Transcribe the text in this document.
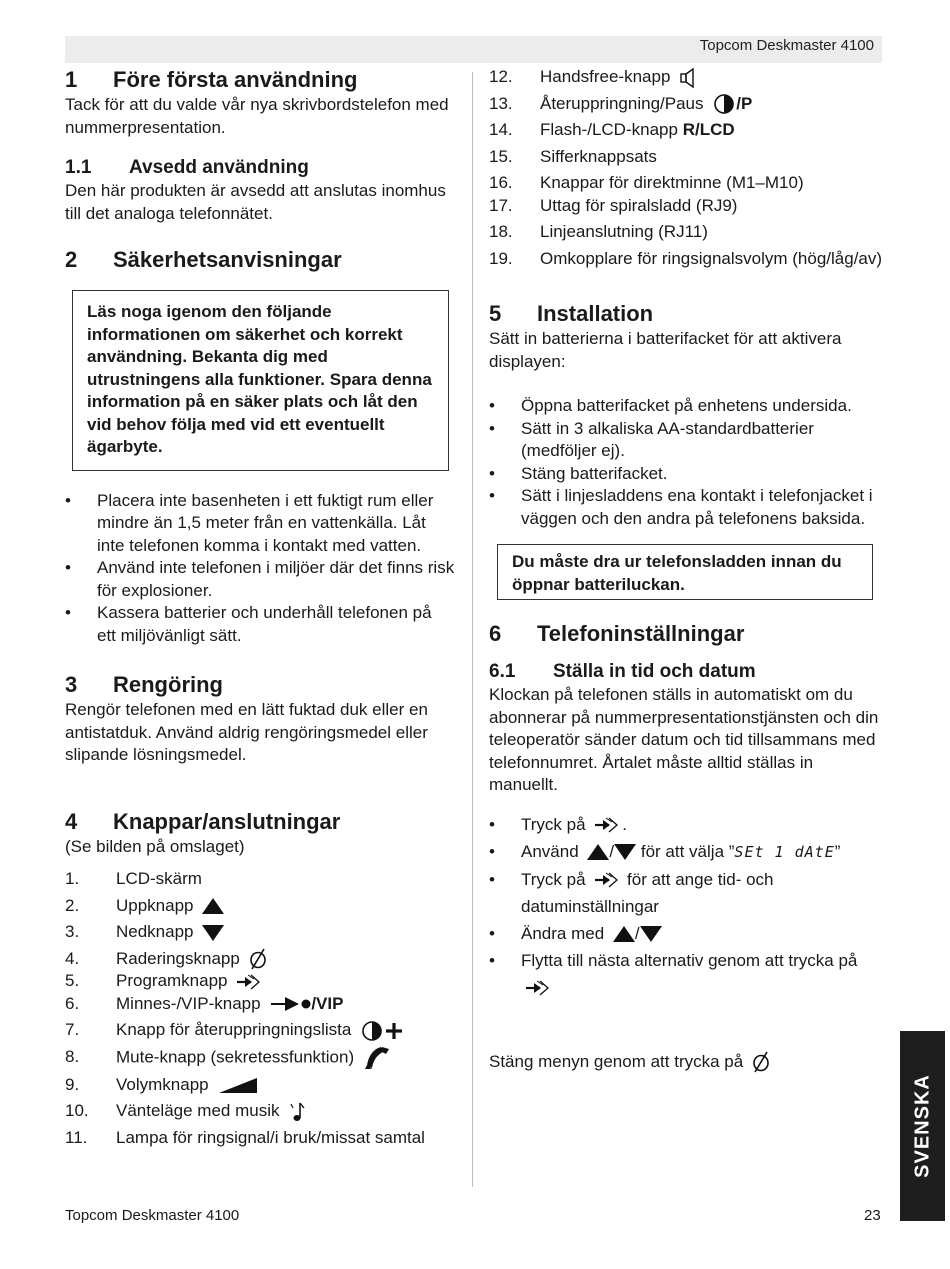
Topcom Deskmaster 4100
1 Före första användning

Tack för att du valde vår nya skrivbordstelefon med nummerpresentation.

1.1 Avsedd användning

Den här produkten är avsedd att anslutas inomhus till det analoga telefonnätet.

2 Säkerhetsanvisningar
Läs noga igenom den följande informationen om säkerhet och korrekt användning. Bekanta dig med utrustningens alla funktioner. Spara denna information på en säker plats och låt den vid behov följa med vid ett eventuellt ägarbyte.
• Placera inte basenheten i ett fuktigt rum eller mindre än 1,5 meter från en vattenkälla. Låt inte telefonen komma i kontakt med vatten.
• Använd inte telefonen i miljöer där det finns risk för explosioner.
• Kassera batterier och underhåll telefonen på ett miljövänligt sätt.
3 Rengöring

Rengör telefonen med en lätt fuktad duk eller en antistatduk. Använd aldrig rengöringsmedel eller slipande lösningsmedel.

4 Knappar/anslutningar

(Se bilden på omslaget)

1. LCD-skärm
2. Uppknapp
3. Nedknapp
4. Raderingsknapp
5. Programknapp
6. Minnes-/VIP-knapp	/VIP
7. Knapp för återuppringningslista
8. Mute-knapp (sekretessfunktion)
9. Volymknapp
10. Vänteläge med musik
11. Lampa för ringsignal/i bruk/missat samtal
12. Handsfree-knapp
13. Återuppringning/Paus /P
14. Flash-/LCD-knapp R/LCD
15. Sifferknappsats
16. Knappar för direktminne (M1–M10)
17. Uttag för spiralsladd (RJ9)
18. Linjeanslutning (RJ11)
19. Omkopplare för ringsignalsvolym (hög/låg/av)
5 Installation

Sätt in batterierna i batterifacket för att aktivera displayen:

• Öppna batterifacket på enhetens undersida.
• Sätt in 3 alkaliska AA-standardbatterier (medföljer ej).
• Stäng batterifacket.
• Sätt i linjesladdens ena kontakt i telefonjacket i väggen och den andra på telefonens baksida.
Du måste dra ur telefonsladden innan du öppnar batteriluckan.
6 Telefoninställningar
6.1 Ställa in tid och datum

Klockan på telefonen ställs in automatiskt om du abonnerar på nummerpresentationstjänsten och din teleoperatör sänder datum och tid tillsammans med telefonnumret. Årtalet måste alltid ställas in manuellt.

• Tryck på .
• Använd / för att välja ”SEt 1 dAtE”
• Tryck på för att ange tid- och datuminställningar
• Ändra med /
• Flytta till nästa alternativ genom att trycka på

Stäng menyn genom att trycka på

SVENSKA
Topcom Deskmaster 4100	23
